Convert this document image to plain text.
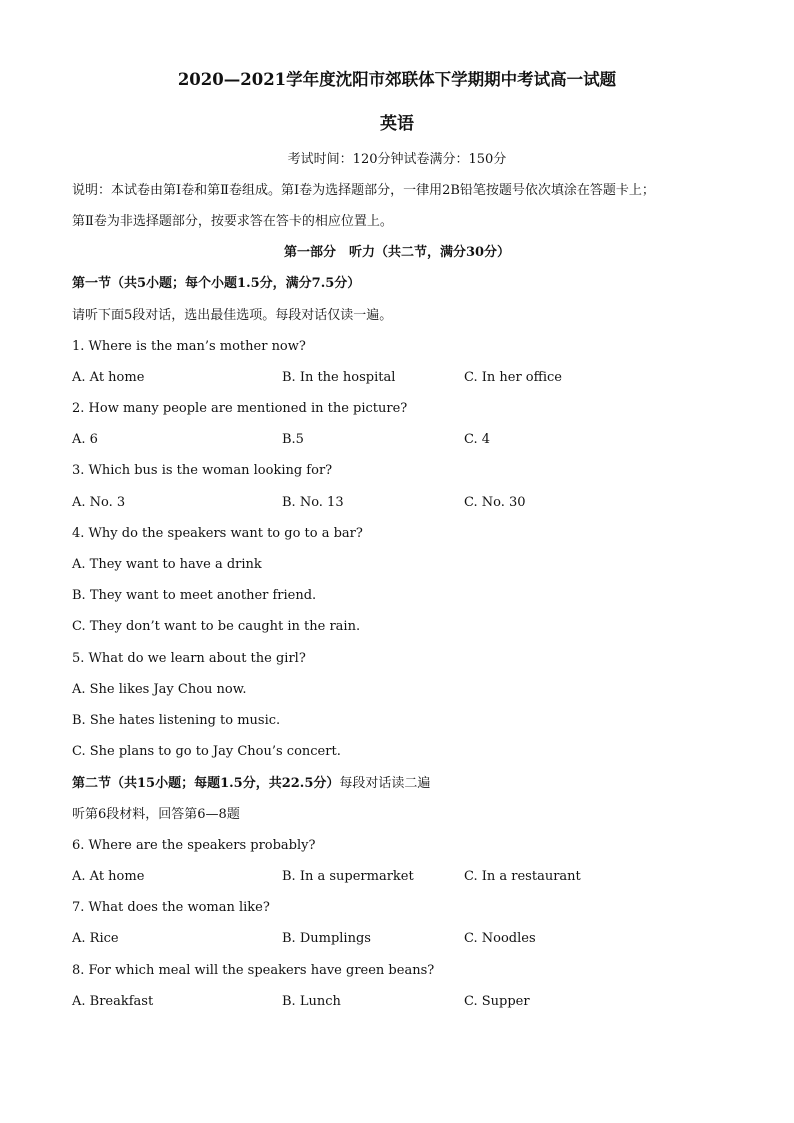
2020—2021学年度沈阳市郊联体下学期期中考试高一试题
英语
考试时间：120分钟试卷满分：150分
说明：本试卷由第Ⅰ卷和第Ⅱ卷组成。第Ⅰ卷为选择题部分，一律用2B铅笔按题号依次填涂在答题卡上；
第Ⅱ卷为非选择题部分，按要求答在答卡的相应位置上。
第一部分　听力（共二节，满分30分）
第一节（共5小题；每个小题1.5分，满分7.5分）
请听下面5段对话，选出最佳选项。每段对话仅读一遍。
1. Where is the man’s mother now?
A. At home	B. In the hospital	C. In her office
2. How many people are mentioned in the picture?
A. 6	B.5	C. 4
3. Which bus is the woman looking for?
A. No. 3	B. No. 13	C. No. 30
4. Why do the speakers want to go to a bar?
A. They want to have a drink
B. They want to meet another friend.
C. They don’t want to be caught in the rain.
5. What do we learn about the girl?
A. She likes Jay Chou now.
B. She hates listening to music.
C. She plans to go to Jay Chou’s concert.
第二节（共15小题；每题1.5分，共22.5分）每段对话读二遍
听第6段材料，回答第6—8题
6. Where are the speakers probably?
A. At home	B. In a supermarket	C. In a restaurant
7. What does the woman like?
A. Rice	B. Dumplings	C. Noodles
8. For which meal will the speakers have green beans?
A. Breakfast	B. Lunch	C. Supper
